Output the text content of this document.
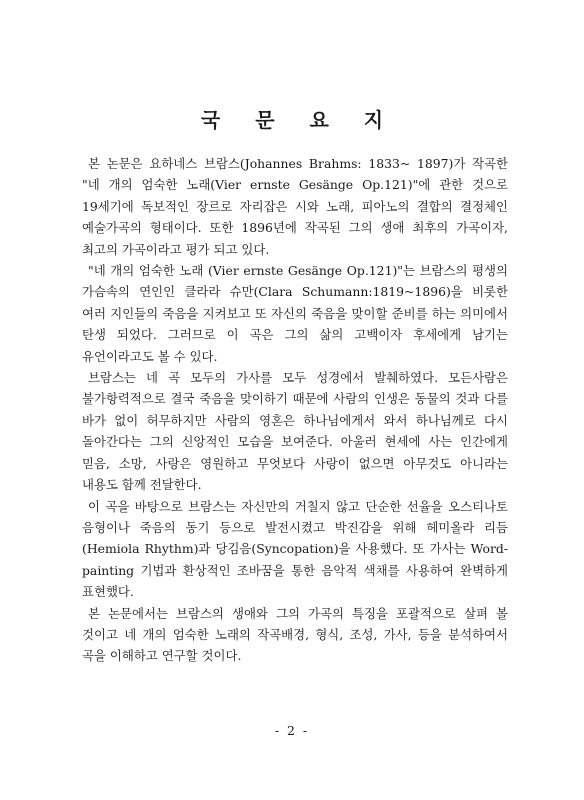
국 문 요 지

본 논문은 요하네스 브람스(Johannes Brahms: 1833~ 1897)가 작곡한 "네 개의 엄숙한 노래(Vier ernste Gesänge Op.121)"에 관한 것으로 19세기에 독보적인 장르로 자리잡은 시와 노래, 피아노의 결합의 결정체인 예술가곡의 형태이다. 또한 1896년에 작곡된 그의 생애 최후의 가곡이자, 최고의 가곡이라고 평가 되고 있다.

"네 개의 엄숙한 노래 (Vier ernste Gesänge Op.121)"는 브람스의 평생의 가슴속의 연인인 클라라 슈만(Clara Schumann:1819~1896)을 비롯한 여러 지인들의 죽음을 지켜보고 또 자신의 죽음을 맞이할 준비를 하는 의미에서 탄생 되었다. 그러므로 이 곡은 그의 삶의 고백이자 후세에게 남기는 유언이라고도 볼 수 있다.

브람스는 네 곡 모두의 가사를 모두 성경에서 발췌하였다. 모든사람은 불가항력적으로 결국 죽음을 맞이하기 때문에 사람의 인생은 동물의 것과 다를 바가 없이 허무하지만 사람의 영혼은 하나님에게서 와서 하나님께로 다시 돌아간다는 그의 신앙적인 모습을 보여준다. 아울러 현세에 사는 인간에게 믿음, 소망, 사랑은 영원하고 무엇보다 사랑이 없으면 아무것도 아니라는 내용도 함께 전달한다.

이 곡을 바탕으로 브람스는 자신만의 거칠지 않고 단순한 선율을 오스티나토 음형이나 죽음의 동기 등으로 발전시켰고 박진감을 위해 헤미올라 리듬(Hemiola Rhythm)과 당김음(Syncopation)을 사용했다. 또 가사는 Word-painting 기법과 환상적인 조바꿈을 통한 음악적 색채를 사용하여 완벽하게 표현했다.

본 논문에서는 브람스의 생애와 그의 가곡의 특징을 포괄적으로 살펴 볼 것이고 네 개의 엄숙한 노래의 작곡배경, 형식, 조성, 가사, 등을 분석하여서 곡을 이해하고 연구할 것이다.

- 2 -
